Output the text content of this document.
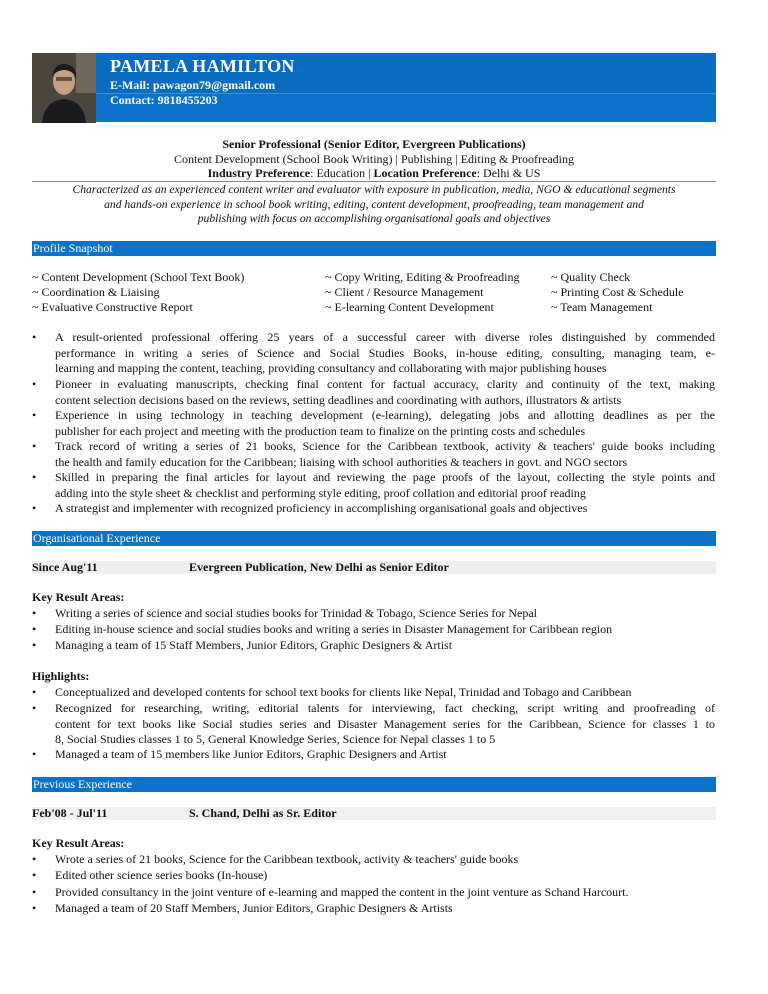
PAMELA HAMILTON
E-Mail: pawagon79@gmail.com
Contact: 9818455203
Senior Professional (Senior Editor, Evergreen Publications)
Content Development (School Book Writing) | Publishing | Editing & Proofreading
Industry Preference: Education | Location Preference: Delhi & US
Characterized as an experienced content writer and evaluator with exposure in publication, media, NGO & educational segments
and hands-on experience in school book writing, editing, content development, proofreading, team management and
publishing with focus on accomplishing organisational goals and objectives
Profile Snapshot
~ Content Development (School Text Book)
~ Coordination & Liaising
~ Evaluative Constructive Report
~ Copy Writing, Editing & Proofreading
~ Client / Resource Management
~ E-learning Content Development
~ Quality Check
~ Printing Cost & Schedule
~ Team Management
• A result-oriented professional offering 25 years of a successful career with diverse roles distinguished by commended
performance in writing a series of Science and Social Studies Books, in-house editing, consulting, managing team, e-
learning and mapping the content, teaching, providing consultancy and collaborating with major publishing houses
• Pioneer in evaluating manuscripts, checking final content for factual accuracy, clarity and continuity of the text, making
content selection decisions based on the reviews, setting deadlines and coordinating with authors, illustrators & artists
• Experience in using technology in teaching development (e-learning), delegating jobs and allotting deadlines as per the
publisher for each project and meeting with the production team to finalize on the printing costs and schedules
• Track record of writing a series of 21 books, Science for the Caribbean textbook, activity & teachers' guide books including
the health and family education for the Caribbean; liaising with school authorities & teachers in govt. and NGO sectors
• Skilled in preparing the final articles for layout and reviewing the page proofs of the layout, collecting the style points and
adding into the style sheet & checklist and performing style editing, proof collation and editorial proof reading
• A strategist and implementer with recognized proficiency in accomplishing organisational goals and objectives
Organisational Experience
Since Aug'11	Evergreen Publication, New Delhi as Senior Editor
Key Result Areas:
• Writing a series of science and social studies books for Trinidad & Tobago, Science Series for Nepal
• Editing in-house science and social studies books and writing a series in Disaster Management for Caribbean region
• Managing a team of 15 Staff Members, Junior Editors, Graphic Designers & Artist
Highlights:
• Conceptualized and developed contents for school text books for clients like Nepal, Trinidad and Tobago and Caribbean
• Recognized for researching, writing, editorial talents for interviewing, fact checking, script writing and proofreading of
content for text books like Social studies series and Disaster Management series for the Caribbean, Science for classes 1 to
8, Social Studies classes 1 to 5, General Knowledge Series, Science for Nepal classes 1 to 5
• Managed a team of 15 members like Junior Editors, Graphic Designers and Artist
Previous Experience
Feb'08 - Jul'11	S. Chand, Delhi as Sr. Editor
Key Result Areas:
• Wrote a series of 21 books, Science for the Caribbean textbook, activity & teachers' guide books
• Edited other science series books (In-house)
• Provided consultancy in the joint venture of e-learning and mapped the content in the joint venture as Schand Harcourt.
• Managed a team of 20 Staff Members, Junior Editors, Graphic Designers & Artists
